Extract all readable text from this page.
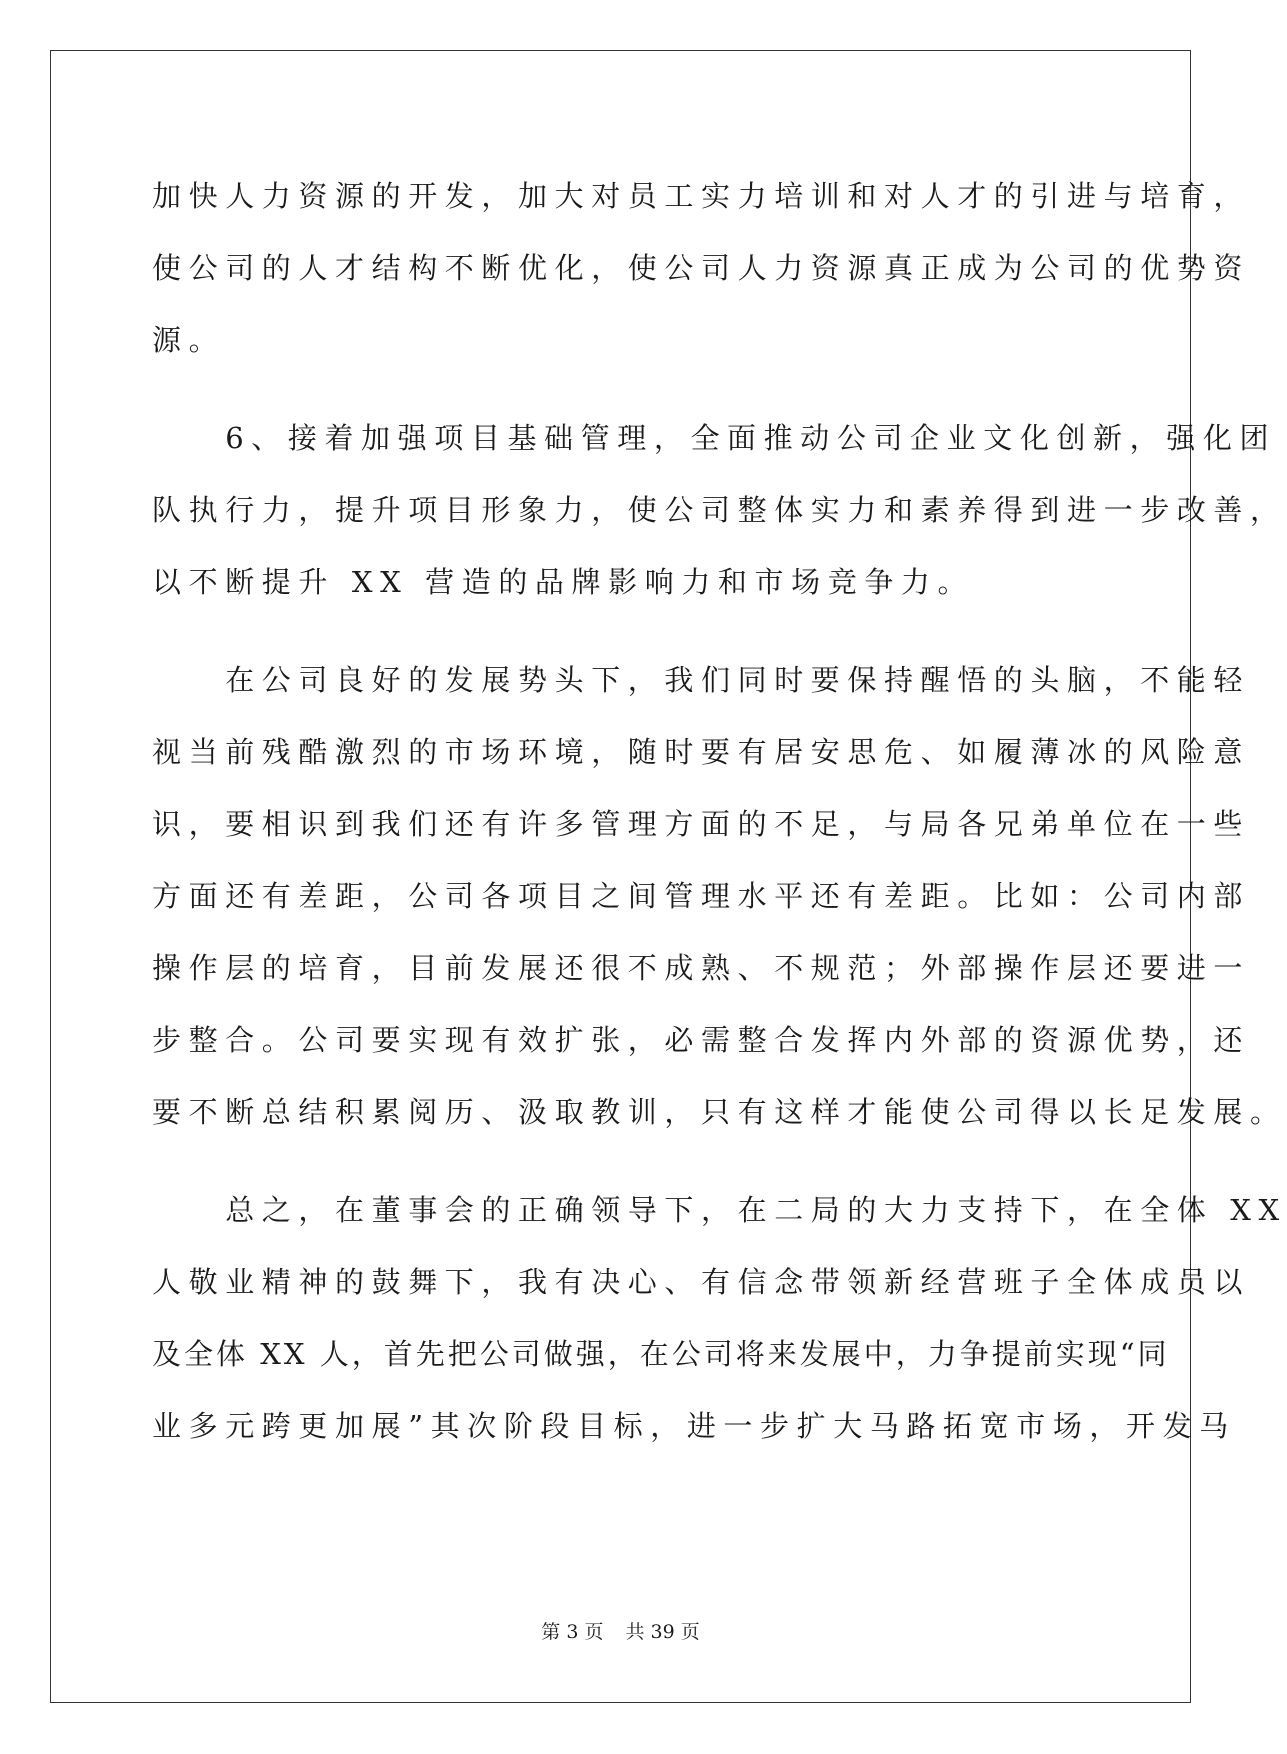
加快人力资源的开发，加大对员工实力培训和对人才的引进与培育，
使公司的人才结构不断优化，使公司人力资源真正成为公司的优势资
源。
　　6、接着加强项目基础管理，全面推动公司企业文化创新，强化团
队执行力，提升项目形象力，使公司整体实力和素养得到进一步改善，
以不断提升 XX 营造的品牌影响力和市场竞争力。
　　在公司良好的发展势头下，我们同时要保持醒悟的头脑，不能轻
视当前残酷激烈的市场环境，随时要有居安思危、如履薄冰的风险意
识，要相识到我们还有许多管理方面的不足，与局各兄弟单位在一些
方面还有差距，公司各项目之间管理水平还有差距。比如：公司内部
操作层的培育，目前发展还很不成熟、不规范；外部操作层还要进一
步整合。公司要实现有效扩张，必需整合发挥内外部的资源优势，还
要不断总结积累阅历、汲取教训，只有这样才能使公司得以长足发展。
　　总之，在董事会的正确领导下，在二局的大力支持下，在全体 XX
人敬业精神的鼓舞下，我有决心、有信念带领新经营班子全体成员以
及全体 XX 人，首先把公司做强，在公司将来发展中，力争提前实现“同
业多元跨更加展”其次阶段目标，进一步扩大马路拓宽市场，开发马
第 3 页 共 39 页
